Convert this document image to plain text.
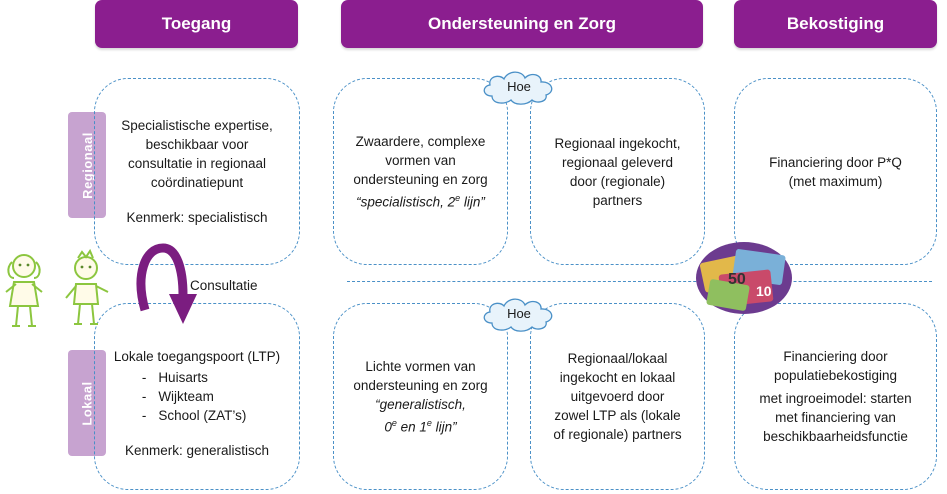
Toegang	Ondersteuning en Zorg	Bekostiging
Regionaal
Lokaal
Specialistische expertise,
beschikbaar voor
consultatie in regionaal
coördinatiepunt
Kenmerk: specialistisch
Lokale toegangspoort (LTP)
- Huisarts
- Wijkteam
- School (ZAT’s)
Kenmerk: generalistisch
Zwaardere, complexe
vormen van
ondersteuning en zorg
“specialistisch, 2e lijn”
Regionaal ingekocht,
regionaal geleverd
door (regionale)
partners
Lichte vormen van
ondersteuning en zorg
“generalistisch,
0e en 1e lijn”
Regionaal/lokaal
ingekocht en lokaal
uitgevoerd door
zowel LTP als (lokale
of regionale) partners
Financiering door P*Q
(met maximum)
Financiering door
populatiebekostiging
met ingroeimodel: starten
met financiering van
beschikbaarheidsfunctie
Hoe
Hoe
Consultatie	50
10
